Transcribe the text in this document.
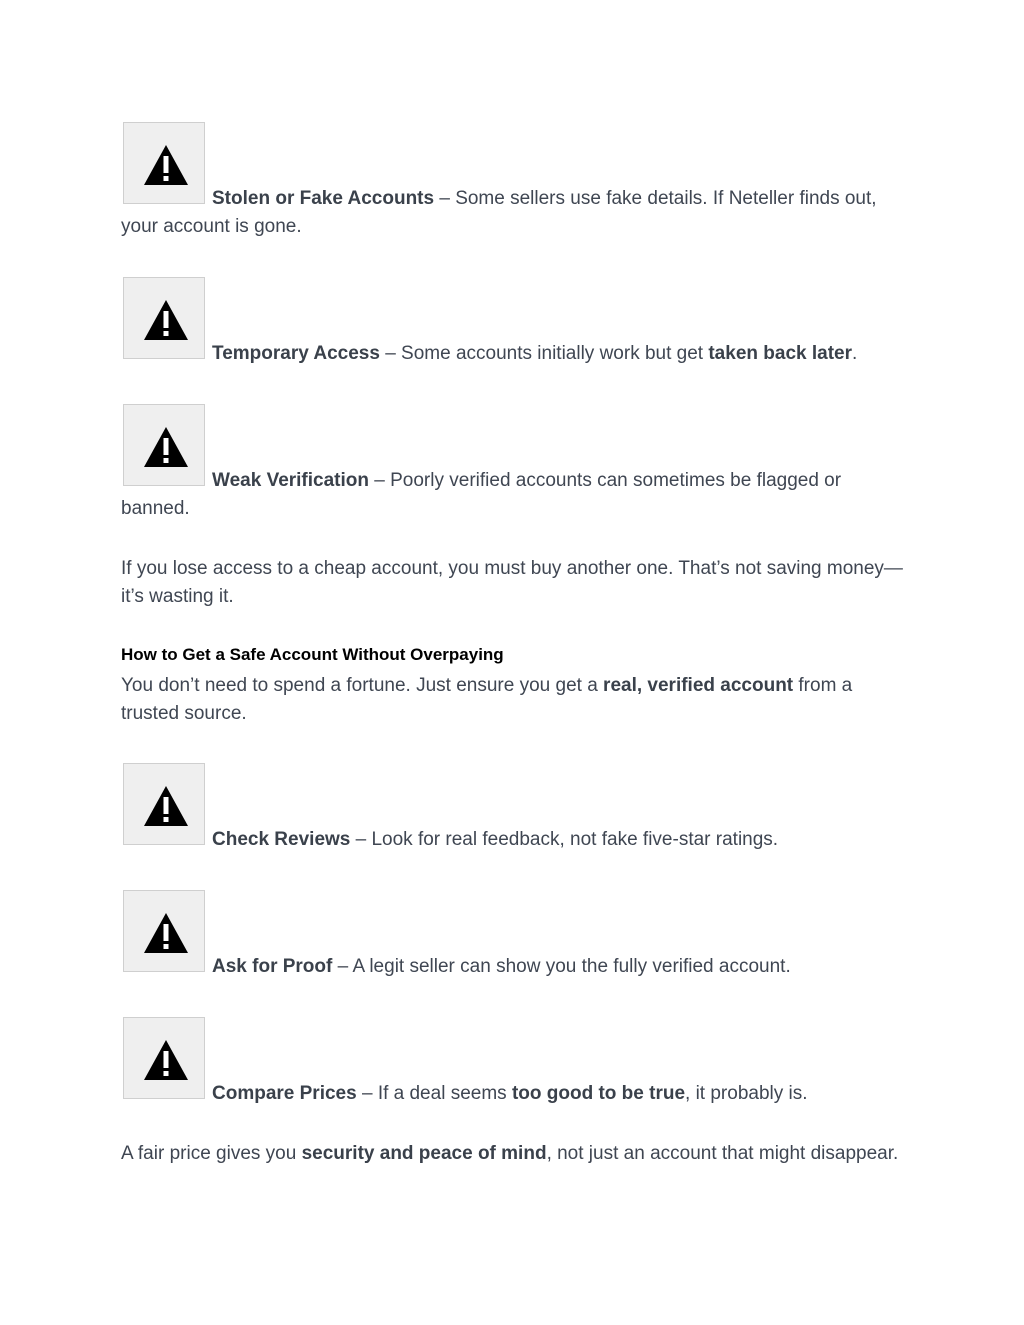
Stolen or Fake Accounts – Some sellers use fake details. If Neteller finds out, your account is gone.
Temporary Access – Some accounts initially work but get taken back later.
Weak Verification – Poorly verified accounts can sometimes be flagged or banned.
If you lose access to a cheap account, you must buy another one. That’s not saving money—it’s wasting it.
How to Get a Safe Account Without Overpaying
You don’t need to spend a fortune. Just ensure you get a real, verified account from a trusted source.
Check Reviews – Look for real feedback, not fake five-star ratings.
Ask for Proof – A legit seller can show you the fully verified account.
Compare Prices – If a deal seems too good to be true, it probably is.
A fair price gives you security and peace of mind, not just an account that might disappear.
